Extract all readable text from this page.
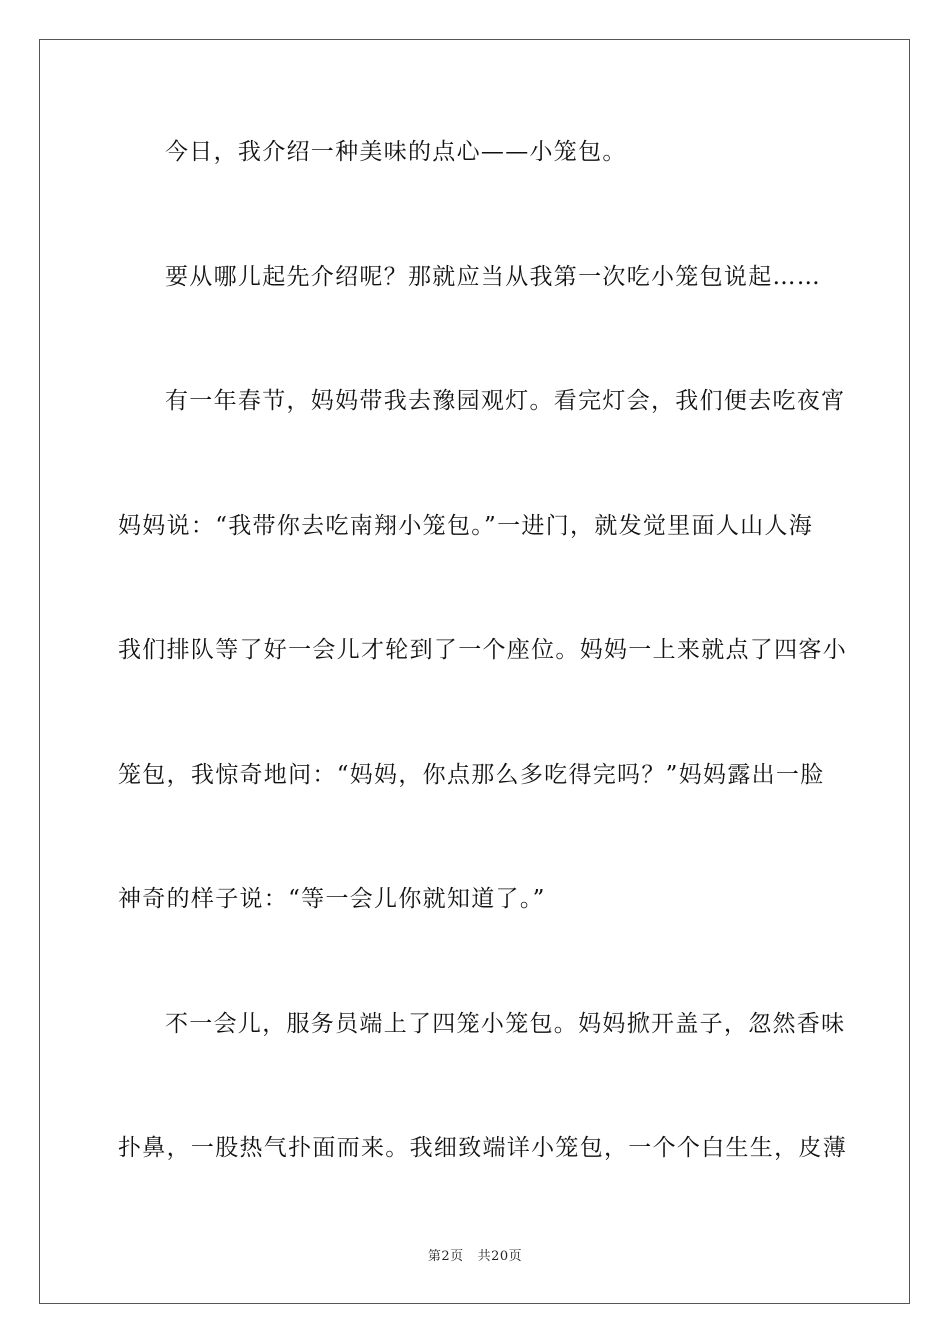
今日，我介绍一种美味的点心——小笼包。
要从哪儿起先介绍呢？那就应当从我第一次吃小笼包说起……
有一年春节，妈妈带我去豫园观灯。看完灯会，我们便去吃夜宵
妈妈说：“我带你去吃南翔小笼包。”一进门，就发觉里面人山人海
我们排队等了好一会儿才轮到了一个座位。妈妈一上来就点了四客小
笼包，我惊奇地问：“妈妈，你点那么多吃得完吗？”妈妈露出一脸
神奇的样子说：“等一会儿你就知道了。”
不一会儿，服务员端上了四笼小笼包。妈妈掀开盖子，忽然香味
扑鼻，一股热气扑面而来。我细致端详小笼包，一个个白生生，皮薄
第2页 共20页
